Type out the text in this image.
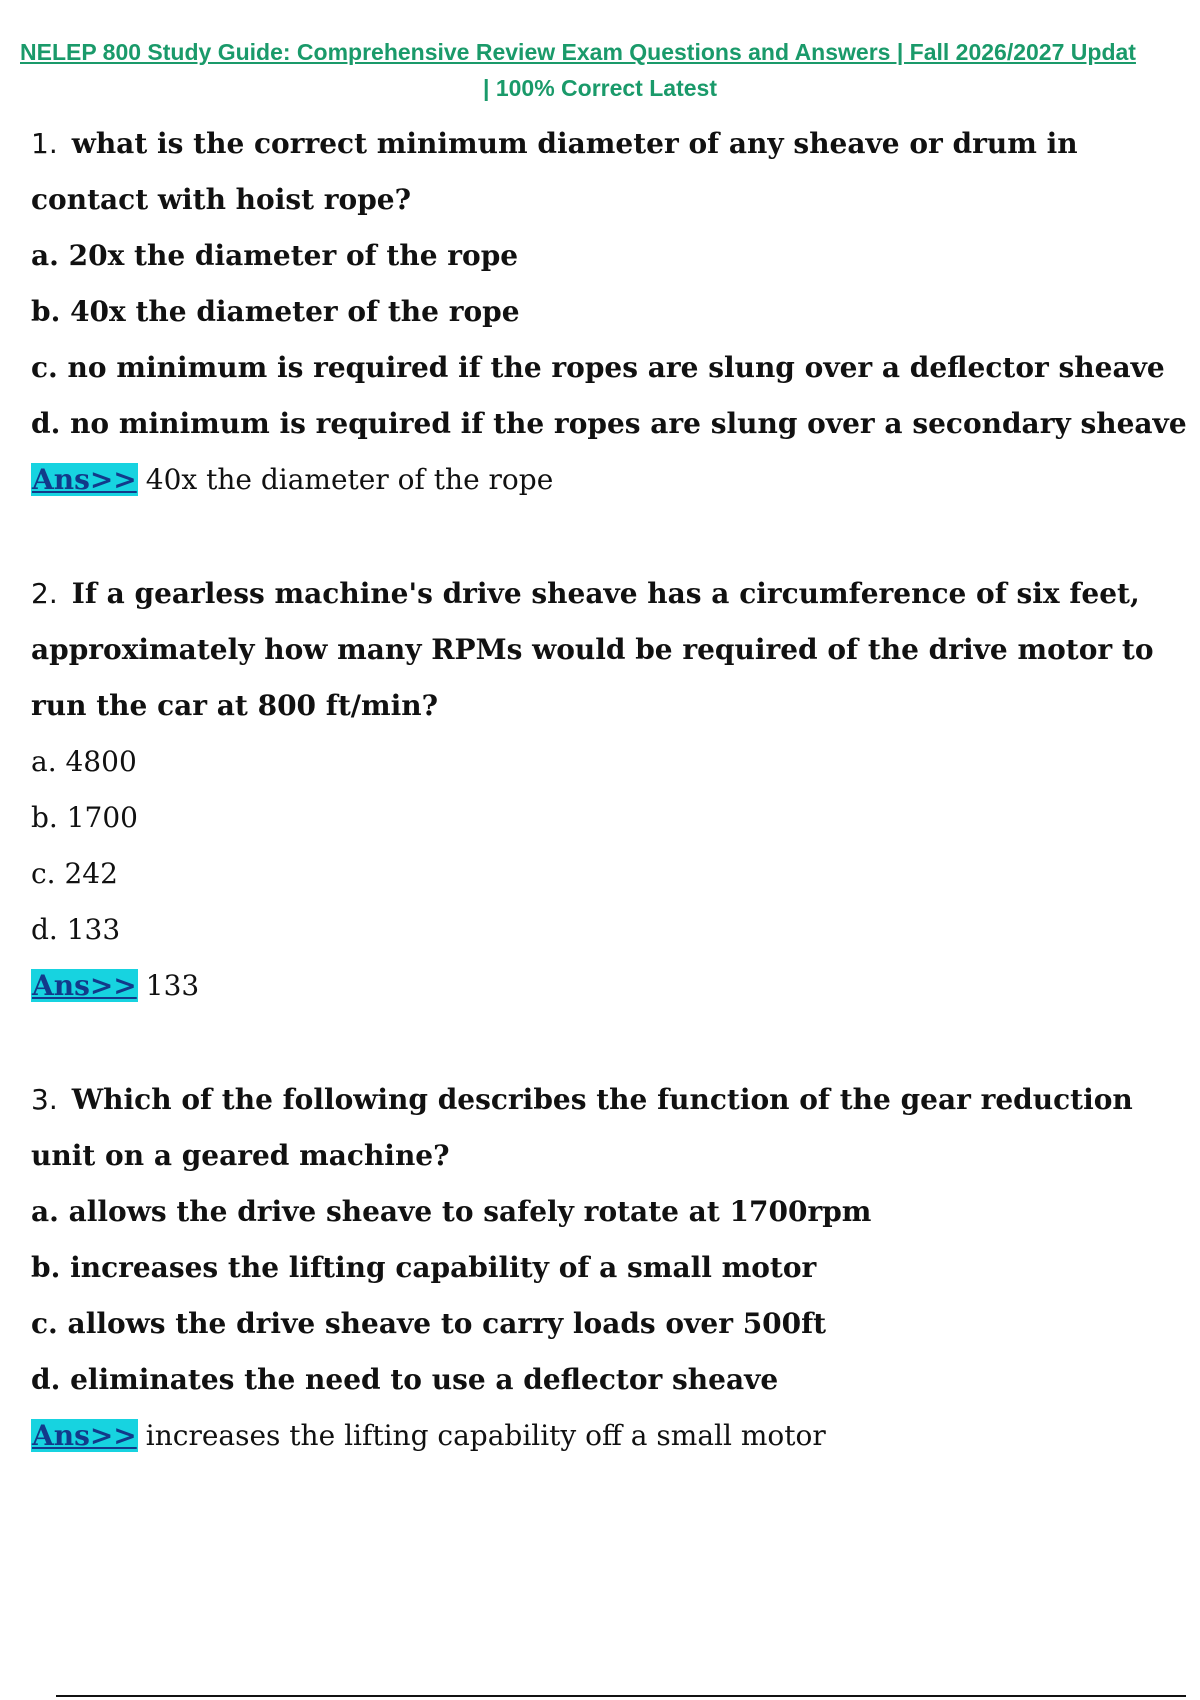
NELEP 800 Study Guide: Comprehensive Review Exam Questions and Answers | Fall 2026/2027 Updat
| 100% Correct Latest

1. what is the correct minimum diameter of any sheave or drum in contact with hoist rope?

a. 20x the diameter of the rope

b. 40x the diameter of the rope

c. no minimum is required if the ropes are slung over a deflector sheave

d. no minimum is required if the ropes are slung over a secondary sheave

Ans>> 40x the diameter of the rope

2. If a gearless machine's drive sheave has a circumference of six feet, approximately how many RPMs would be required of the drive motor to run the car at 800 ft/min?

a. 4800

b. 1700

c. 242

d. 133

Ans>> 133

3. Which of the following describes the function of the gear reduction unit on a geared machine?

a. allows the drive sheave to safely rotate at 1700rpm

b. increases the lifting capability of a small motor

c. allows the drive sheave to carry loads over 500ft

d. eliminates the need to use a deflector sheave

Ans>> increases the lifting capability off a small motor
